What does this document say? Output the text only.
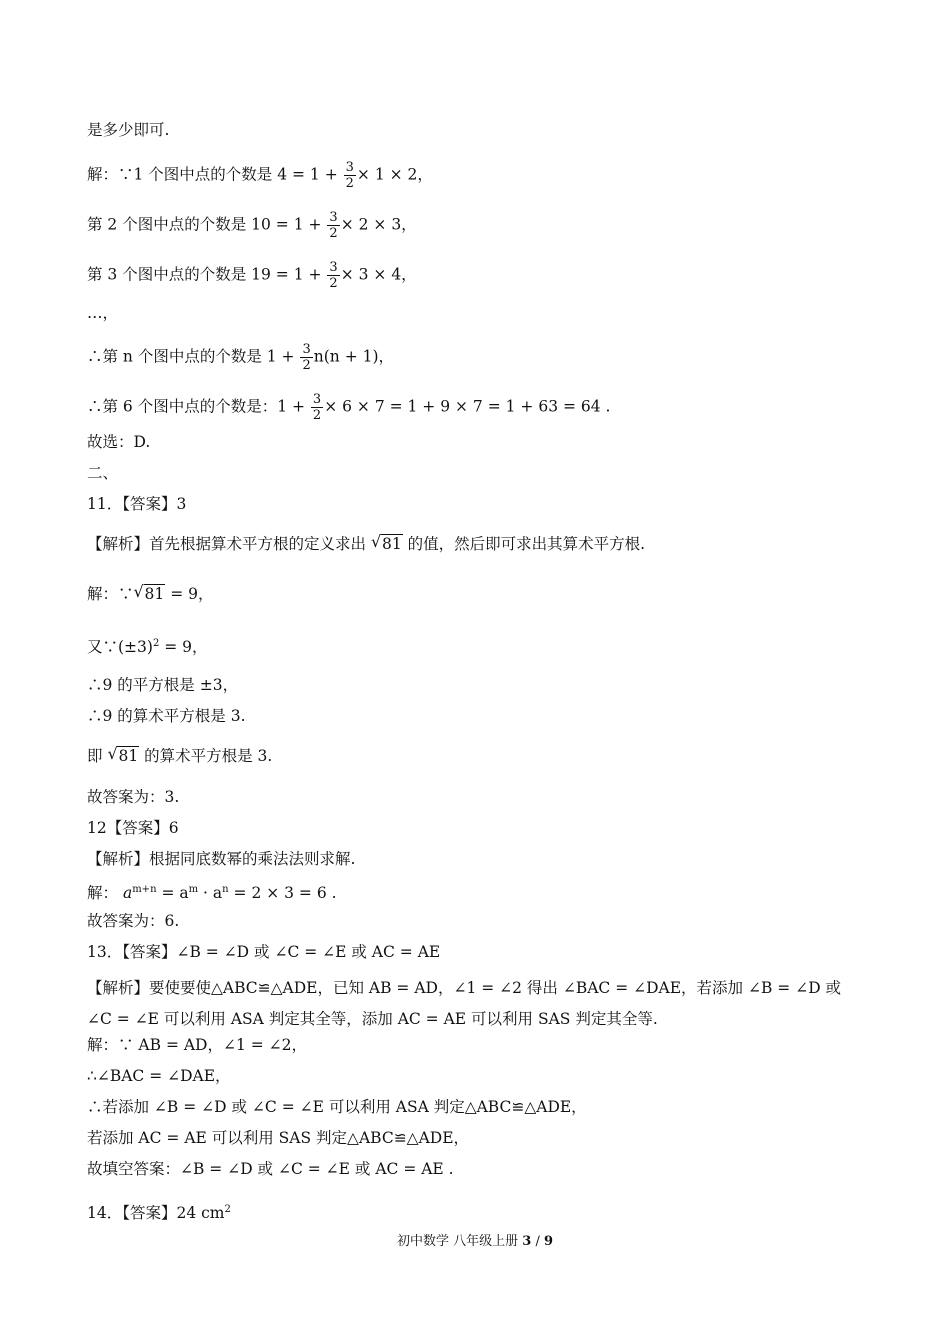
是多少即可.
解：∵1 个图中点的个数是 $4 = 1 + \frac{3}{2} \times 1 \times 2$，
第 2 个图中点的个数是 $10 = 1 + \frac{3}{2} \times 2 \times 3$，
第 3 个图中点的个数是 $19 = 1 + \frac{3}{2} \times 3 \times 4$，
…，
∴第 n 个图中点的个数是 $1 + \frac{3}{2} n(n + 1)$，
∴第 6 个图中点的个数是：$1 + \frac{3}{2} \times 6 \times 7 = 1 + 9 \times 7 = 1 + 63 = 64$ .
故选：D.
二、
11．【答案】3
【解析】首先根据算术平方根的定义求出 √ 81 的值，然后即可求出其算术平方根.
解：∵ √ 81 = 9，
又$\because(\pm 3)^2 = 9$，
∴9 的平方根是 ±3，
∴9 的算术平方根是 3.
即 √ 81 的算术平方根是 3.
故答案为：3.
12【答案】6
【解析】根据同底数幂的乘法法则求解.
解： $a^{m+n} = a^m \cdot a^n = 2 \times 3 = 6$ .
故答案为：6.
13．【答案】∠B = ∠D 或 ∠C = ∠E 或 AC = AE
【解析】要使要使△ABC≌△ADE，已知 AB = AD，∠1 = ∠2 得出 ∠BAC = ∠DAE，若添加 ∠B = ∠D 或 ∠C = ∠E 可以利用 ASA 判定其全等，添加 AC = AE 可以利用 SAS 判定其全等.
解：∵ AB = AD，∠1 = ∠2，
∴∠BAC = ∠DAE，
∴若添加 ∠B = ∠D 或 ∠C = ∠E 可以利用 ASA 判定△ABC≌△ADE，
若添加 AC = AE 可以利用 SAS 判定△ABC≌△ADE，
故填空答案：∠B = ∠D 或 ∠C = ∠E 或 AC = AE .
14．【答案】24 $cm^2$
初中数学 八年级上册 3 / 9
